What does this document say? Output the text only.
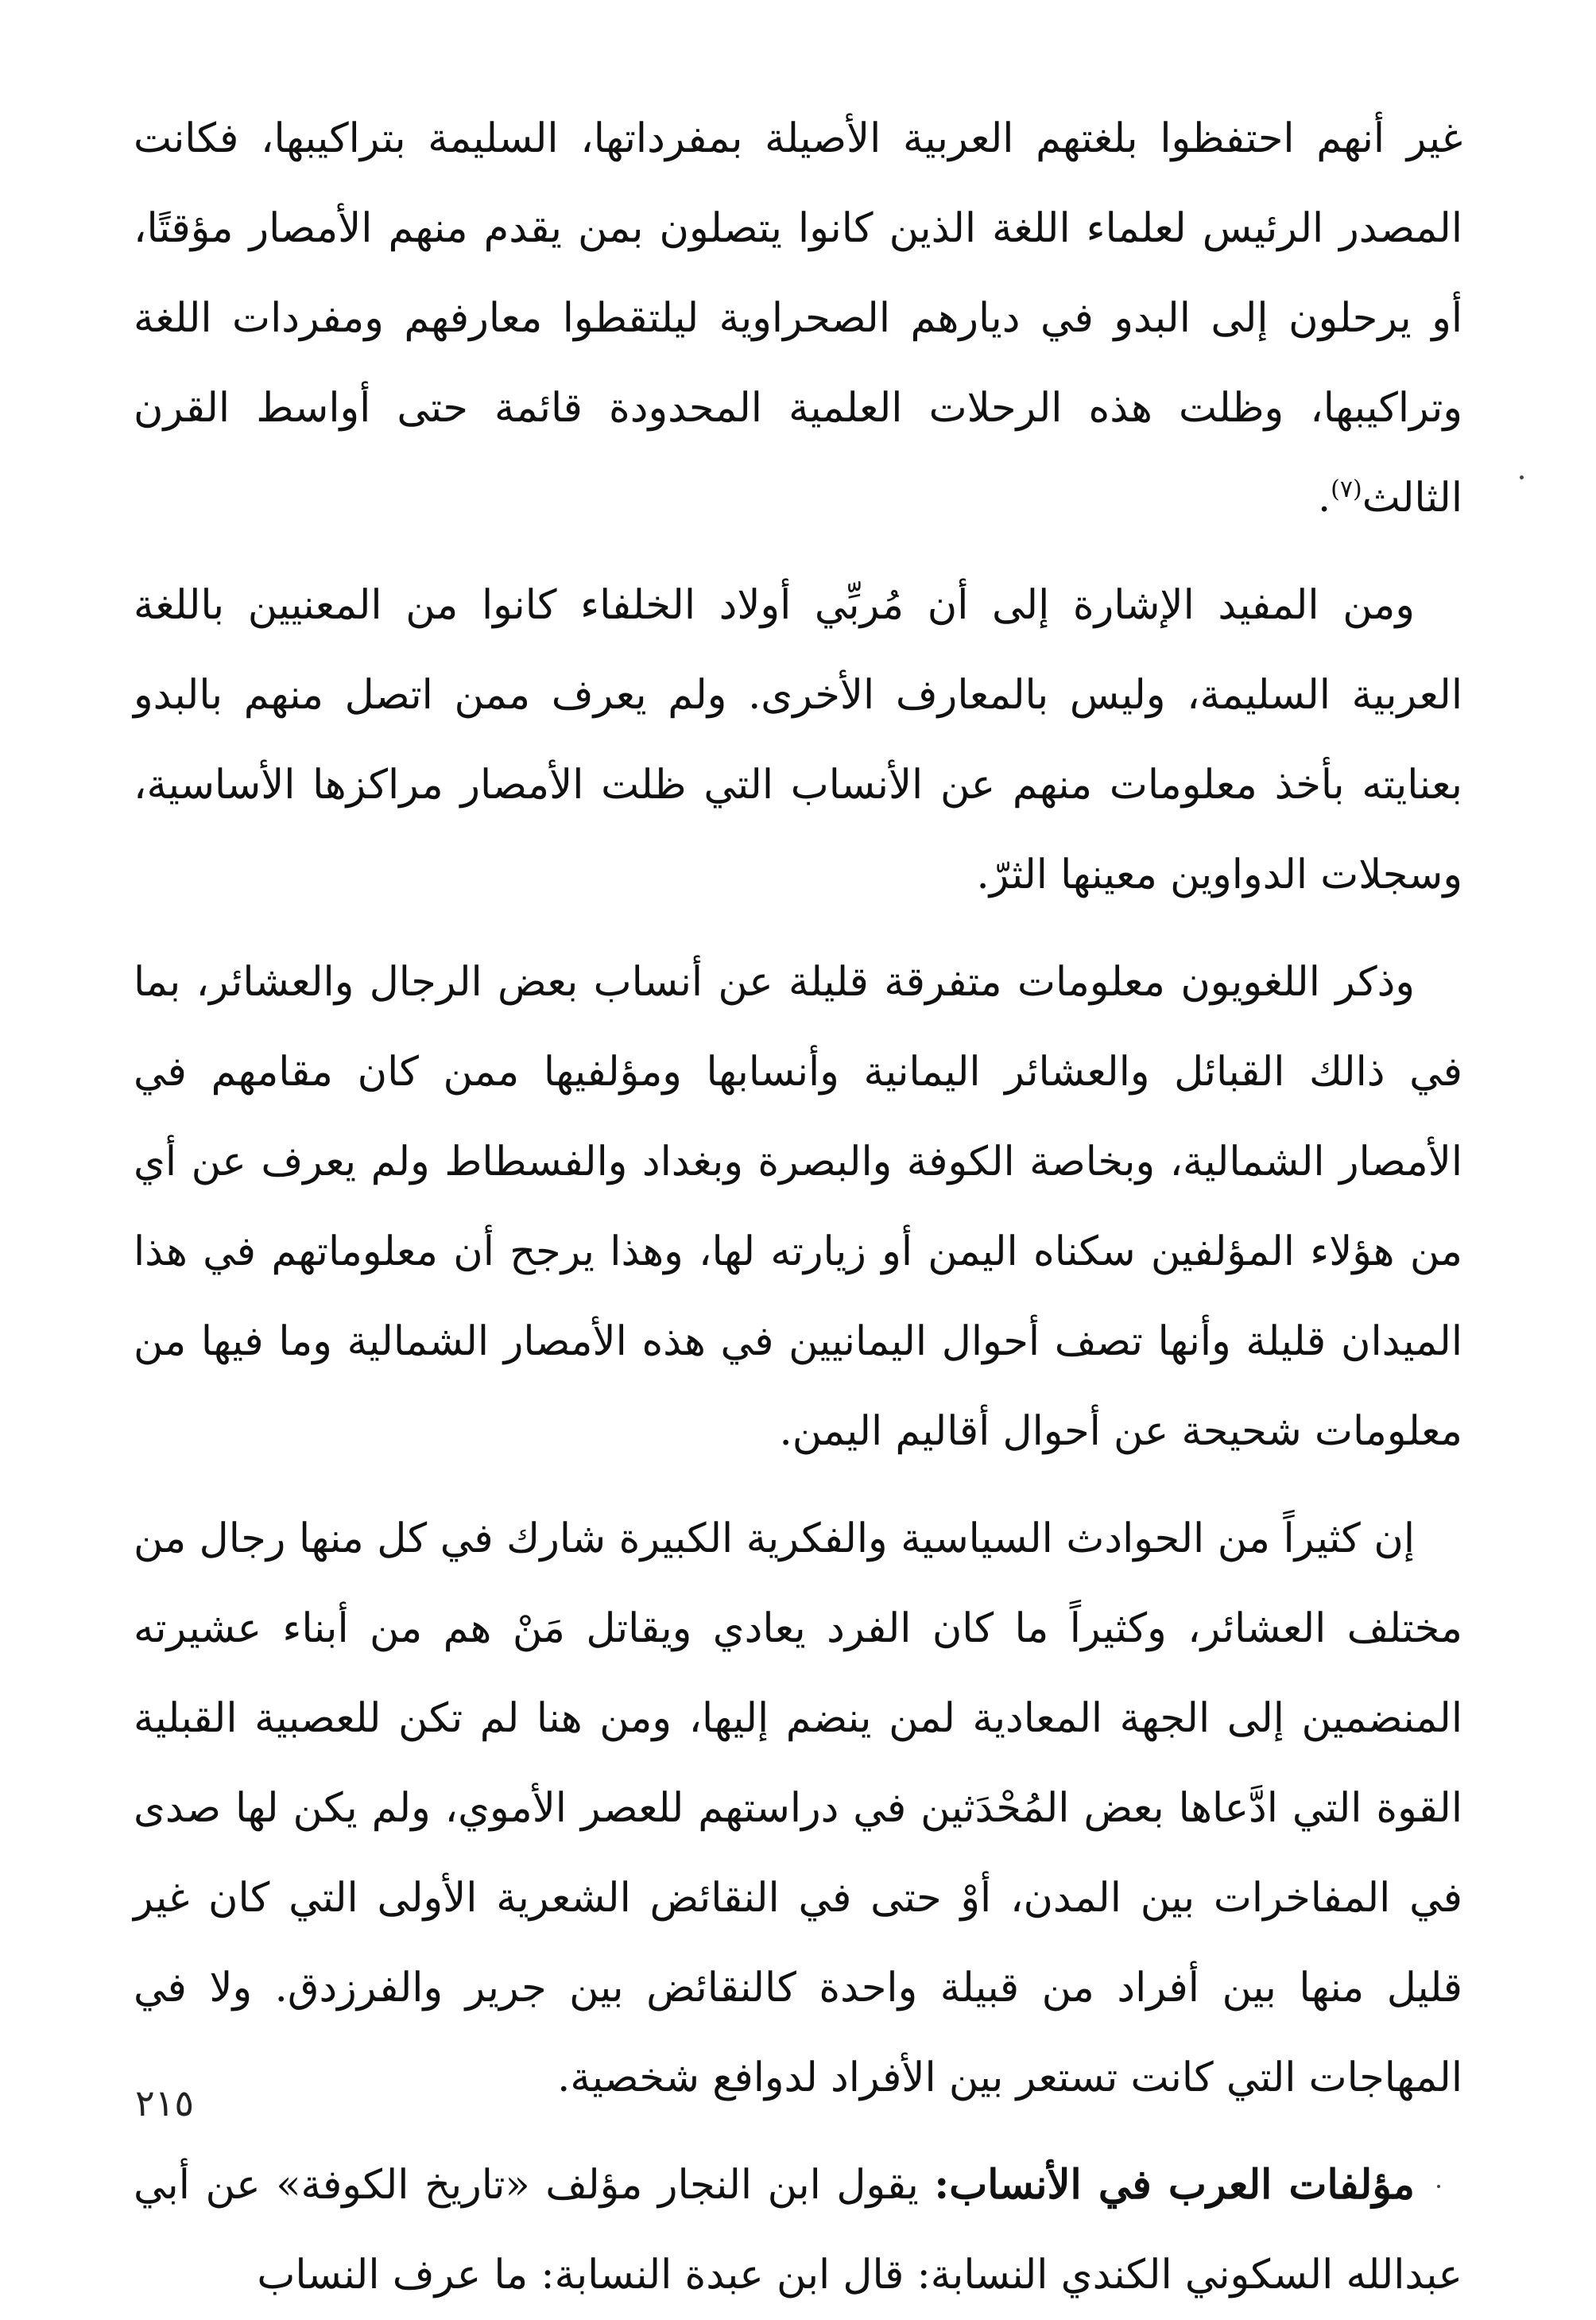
غير أنهم احتفظوا بلغتهم العربية الأصيلة بمفرداتها، السليمة بتراكيبها، فكانت المصدر الرئيس لعلماء اللغة الذين كانوا يتصلون بمن يقدم منهم الأمصار مؤقتًا، أو يرحلون إلى البدو في ديارهم الصحراوية ليلتقطوا معارفهم ومفردات اللغة وتراكيبها، وظلت هذه الرحلات العلمية المحدودة قائمة حتى أواسط القرن الثالث$^{(٧)}$.

ومن المفيد الإشارة إلى أن مُربِّي أولاد الخلفاء كانوا من المعنيين باللغة العربية السليمة، وليس بالمعارف الأخرى. ولم يعرف ممن اتصل منهم بالبدو بعنايته بأخذ معلومات منهم عن الأنساب التي ظلت الأمصار مراكزها الأساسية، وسجلات الدواوين معينها الثرّ.

وذكر اللغويون معلومات متفرقة قليلة عن أنساب بعض الرجال والعشائر، بما في ذالك القبائل والعشائر اليمانية وأنسابها ومؤلفيها ممن كان مقامهم في الأمصار الشمالية، وبخاصة الكوفة والبصرة وبغداد والفسطاط ولم يعرف عن أي من هؤلاء المؤلفين سكناه اليمن أو زيارته لها، وهذا يرجح أن معلوماتهم في هذا الميدان قليلة وأنها تصف أحوال اليمانيين في هذه الأمصار الشمالية وما فيها من معلومات شحيحة عن أحوال أقاليم اليمن.

إن كثيراً من الحوادث السياسية والفكرية الكبيرة شارك في كل منها رجال من مختلف العشائر، وكثيراً ما كان الفرد يعادي ويقاتل مَنْ هم من أبناء عشيرته المنضمين إلى الجهة المعادية لمن ينضم إليها، ومن هنا لم تكن للعصبية القبلية القوة التي ادَّعاها بعض المُحْدَثين في دراستهم للعصر الأموي، ولم يكن لها صدى في المفاخرات بين المدن، أوْ حتى في النقائض الشعرية الأولى التي كان غير قليل منها بين أفراد من قبيلة واحدة كالنقائض بين جرير والفرزدق. ولا في المهاجات التي كانت تستعر بين الأفراد لدوافع شخصية.

مؤلفات العرب في الأنساب: يقول ابن النجار مؤلف «تاريخ الكوفة» عن أبي عبدالله السكوني الكندي النسابة: قال ابن عبدة النسابة: ما عرف النساب

٢١٥
